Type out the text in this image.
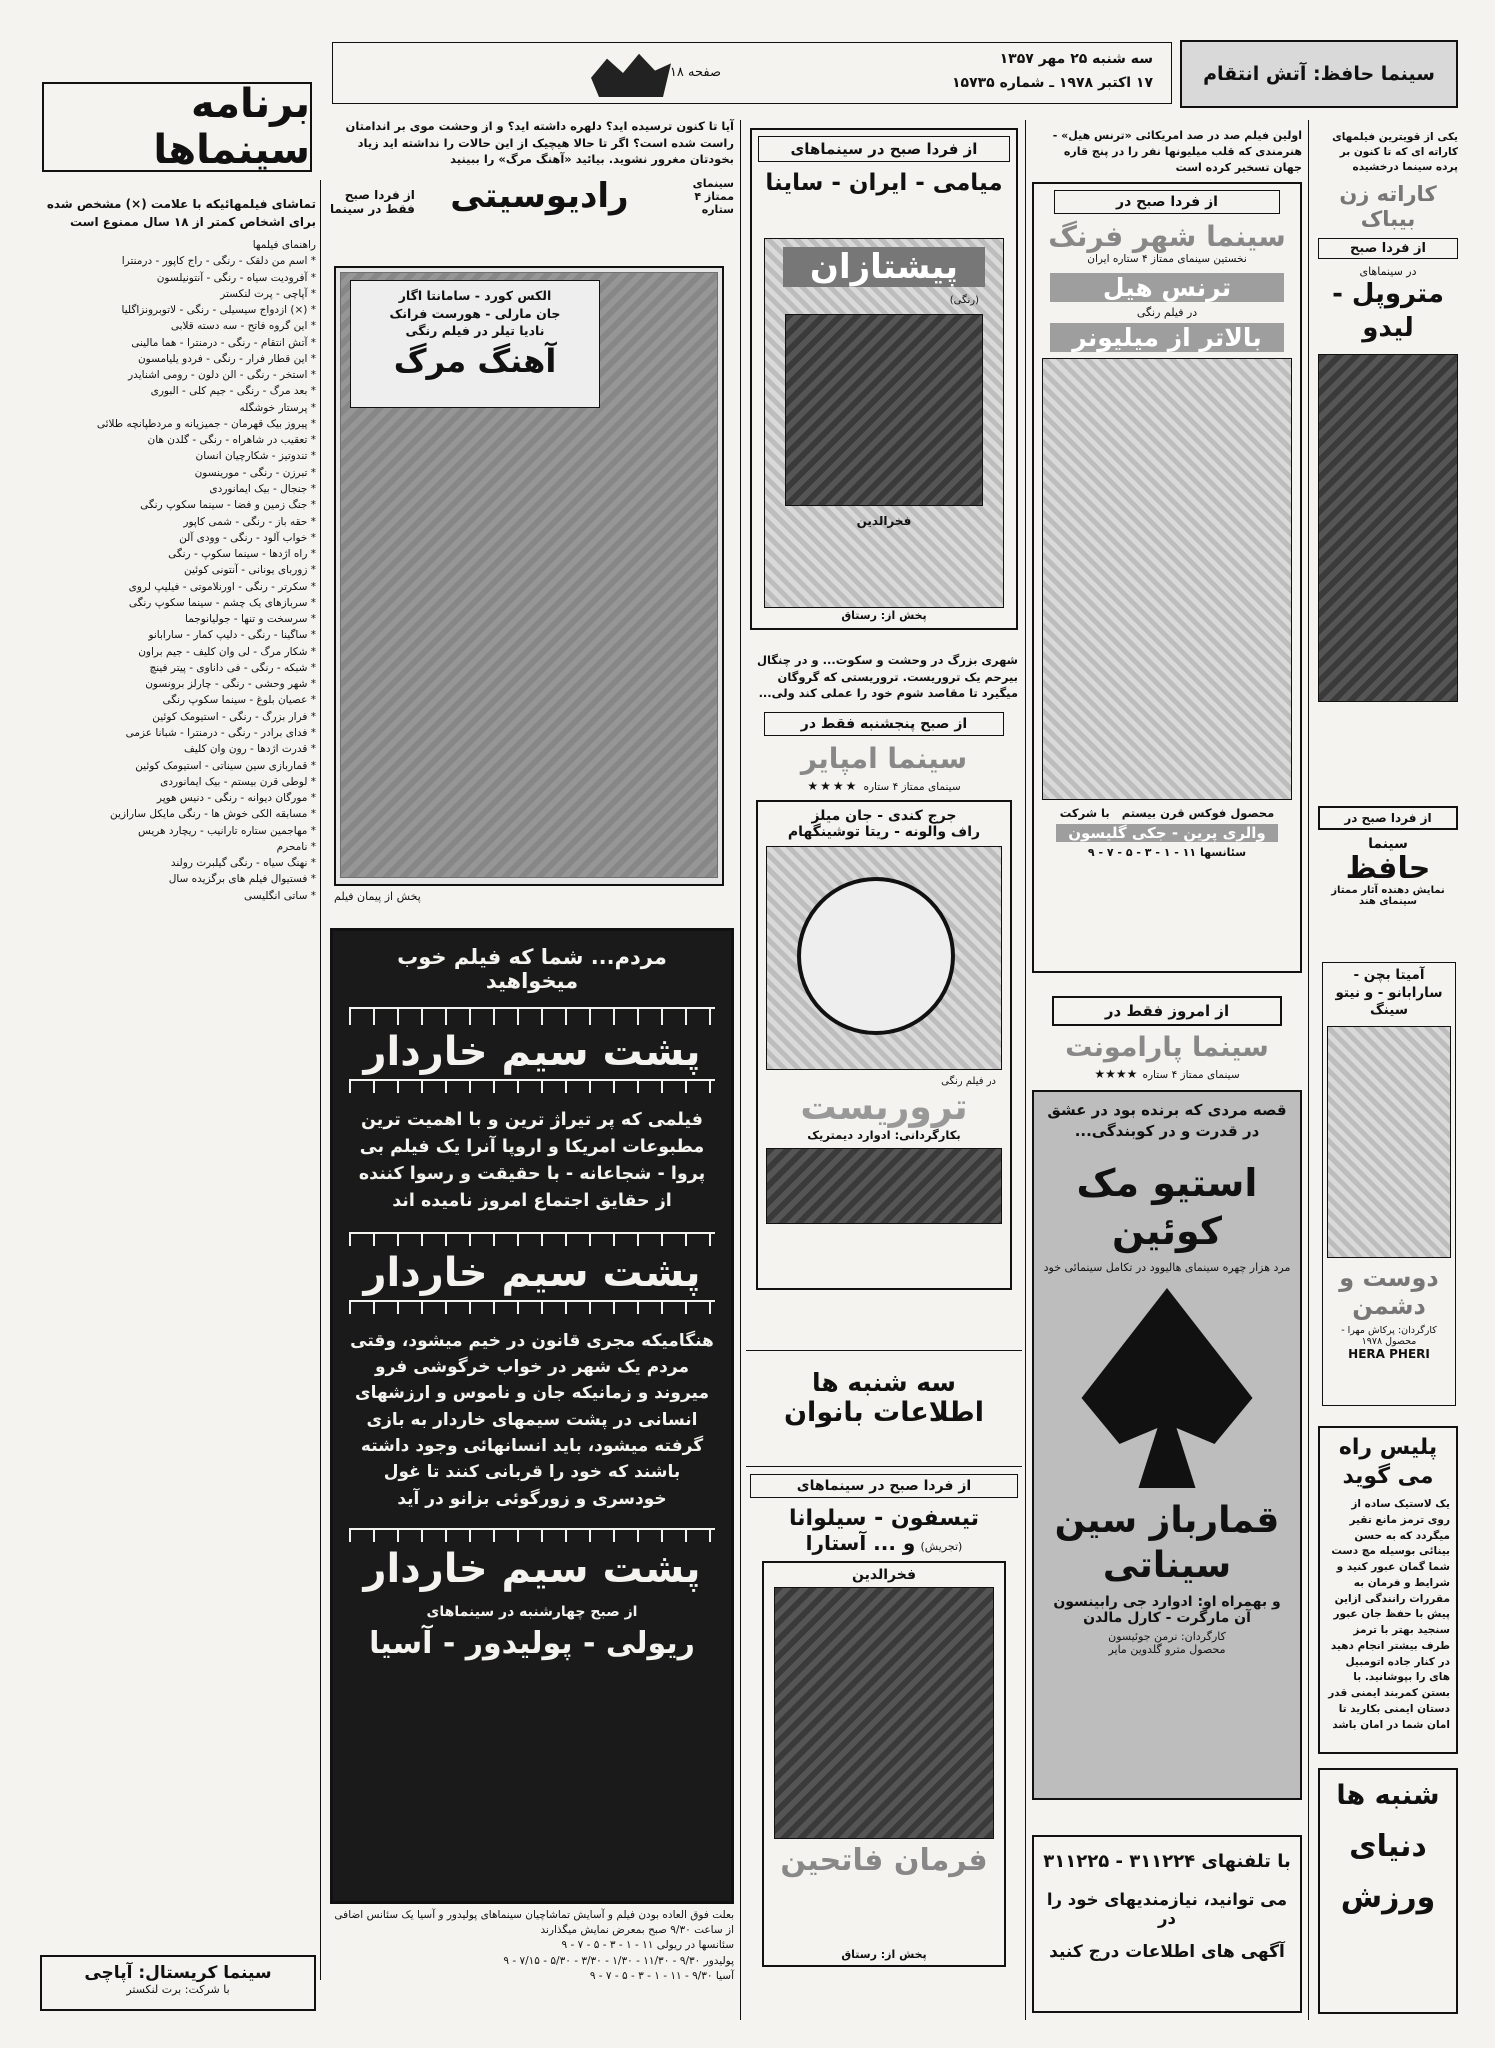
برنامه سینماها
سه شنبه ۲۵ مهر ۱۳۵۷
۱۷ اکتبر ۱۹۷۸ ـ شماره ۱۵۷۳۵
صفحه ۱۸	سینما حافظ: آتش انتقام
تماشای فیلمهائیکه با علامت (×) مشخص شده برای اشخاص کمتر از ۱۸ سال ممنوع است
راهنمای فیلمها
* اسم من دلقک - رنگی - راج کاپور - درمنترا
* آفرودیت سیاه - رنگی - آنتونیلسون
* آپاچی - پرت لنکستر
* (×) ازدواج سیسیلی - رنگی - لاتوبرونزاگلیا
* این گروه فاتح - سه دسته قلابی
* آتش انتقام - رنگی - درمنترا - هما مالینی
* این قطار فرار - رنگی - فردو یلیامسون
* استخر - رنگی - الن دلون - رومی اشنایدر
* بعد مرگ - رنگی - جیم کلی - البوری
* پرستار خوشگله
* پیروز بیک قهرمان - جمیزیانه و مردطپانچه طلائی
* تعقیب در شاهراه - رنگی - گلدن هان
* تندوتیز - شکارچیان انسان
* تبرزن - رنگی - مورینسون
* جنجال - بیک ایمانوردی
* جنگ زمین و فضا - سینما سکوپ رنگی
* حقه باز - رنگی - شمی کاپور
* خواب آلود - رنگی - وودی آلن
* راه اژدها - سینما سکوپ - رنگی
* زوربای یونانی - آنتونی کوئین
* سکرتر - رنگی - اورنلاموتی - فیلیپ لروی
* سربازهای یک چشم - سینما سکوپ رنگی
* سرسخت و تنها - جولیانوجما
* ساگینا - رنگی - دلیپ کمار - سارابانو
* شکار مرگ - لی وان کلیف - جیم براون
* شبکه - رنگی - فی داناوی - پیتر فینچ
* شهر وحشی - رنگی - چارلز برونسون
* عصیان بلوغ - سینما سکوپ رنگی
* فرار بزرگ - رنگی - استیومک کوئین
* فدای برادر - رنگی - درمنترا - شبانا عزمی
* قدرت اژدها - رون وان کلیف
* قماربازی سین سیناتی - استیومک کوئین
* لوطی قرن بیستم - بیک ایمانوردی
* مورگان دیوانه - رنگی - دنیس هوپر
* مسابقه الکی خوش ها - رنگی مایکل سارازین
* مهاجمین ستاره تارانیب - ریچارد هریس
* نامحرم
* نهنگ سیاه - رنگی گیلبرت رولند
* فستیوال فیلم های برگزیده سال
* ساتی انگلیسی
سینما کریستال: آپاچی
با شرکت: برت لنکستر
آیا تا کنون ترسیده اید؟ دلهره داشته اید؟ و از وحشت موی بر اندامتان راست شده است؟ اگر تا حالا هیچیک از این حالات را نداشته اید زیاد بخودتان مغرور نشوید. بیائید «آهنگ مرگ» را ببینید
سینمای ممتاز ۴ ستاره
رادیوسیتی
از فردا صبح
فقط در سینما
الکس کورد - سامانتا اگار
جان مارلی - هورست فرانک
نادیا تیلر در فیلم رنگی
آهنگ مرگ
پخش از پیمان فیلم
مردم... شما که فیلم خوب میخواهید
پشت سیم خاردار
فیلمی که پر تیراژ ترین و با اهمیت ترین مطبوعات امریکا و اروپا آنرا یک فیلم بی پروا - شجاعانه - با حقیقت و رسوا کننده از حقایق اجتماع امروز نامیده اند
پشت سیم خاردار
هنگامیکه مجری قانون در خیم میشود، وقتی مردم یک شهر در خواب خرگوشی فرو میروند و زمانیکه جان و ناموس و ارزشهای انسانی در پشت سیمهای خاردار به بازی گرفته میشود، باید انسانهائی وجود داشته باشند که خود را قربانی کنند تا غول خودسری و زورگوئی بزانو در آید
پشت سیم خاردار
از صبح چهارشنبه در سینماهای
ریولی - پولیدور - آسیا
بعلت فوق العاده بودن فیلم و آسایش تماشاچیان سینماهای پولیدور و آسیا یک سئانس اضافی از ساعت ۹/۳۰ صبح بمعرض نمایش میگذارند
سئانسها در ریولی ۱۱ - ۱ - ۳ - ۵ - ۷ - ۹
پولیدور ۹/۳۰ - ۱۱/۳۰ - ۱/۳۰ - ۳/۳۰ - ۵/۳۰ - ۷/۱۵ - ۹
آسیا ۹/۳۰ - ۱۱ - ۱ - ۳ - ۵ - ۷ - ۹
از فردا صبح در سینماهای
میامی - ایران - ساینا
پیشتازان
(رنگی)
فخرالدین
پخش از: رستاق
شهری بزرگ در وحشت و سکوت... و در چنگال بیرحم یک تروریست. تروریستی که گروگان میگیرد تا مقاصد شوم خود را عملی کند ولی...
از صبح پنجشنبه فقط در
سینما امپایر
سینمای ممتاز ۴ ستاره ★★★★
جرج کندی - جان میلز
راف والونه - ریتا توشینگهام
در فیلم رنگی
تروریست
بکارگردانی: ادوارد دیمتریک
سه شنبه ها
اطلاعات بانوان
از فردا صبح در سینماهای
تیسفون - سیلوانا
(تجریش) و ... آستارا
فخرالدین
فرمان فاتحین
پخش از: رستاق
اولین فیلم صد در صد امریکائی «ترنس هیل» - هنرمندی که قلب میلیونها نفر را در پنج قاره جهان تسخیر کرده است
از فردا صبح در
سینما شهر فرنگ
نخستین سینمای ممتاز ۴ ستاره ایران
ترنس هیل
در فیلم رنگی
بالاتر از میلیونر
محصول فوکس قرن بیستم با شرکت
والری پرین - جکی گلیسون
سئانسها ۱۱ - ۱ - ۳ - ۵ - ۷ - ۹
از امروز فقط در
سینما پارامونت
سینمای ممتاز ۴ ستاره ★★★★
قصه مردی که برنده بود در عشق در قدرت و در کوبندگی...
استیو مک کوئین
مرد هزار چهره سینمای هالیوود در تکامل سینمائی خود
قمارباز سین سیناتی
و بهمراه او: ادوارد جی رابینسون
آن مارگرت - کارل مالدن
کارگردان: نرمن جوئیسون
محصول مترو گلدوین مایر
با تلفنهای ۳۱۱۲۲۴ - ۳۱۱۲۲۵
می توانید، نیازمندیهای خود را در
آگهی های اطلاعات درج کنید
یکی از قویترین فیلمهای کاراته ای که تا کنون بر پرده سینما درخشیده
کاراته زن بیباک
از فردا صبح
در سینماهای
متروپل - لیدو
از فردا صبح در
سینما
حافظ
نمایش دهنده آثار ممتاز سینمای هند
آمیتا بچن - سارابانو - و نیتو سینگ
دوست و دشمن
کارگردان: پرکاش مهرا - محصول ۱۹۷۸
HERA PHERI
پلیس راه می گوید
یک لاستیک ساده از روی ترمز مانع تقیر میگردد که به حسن بینائی بوسیله مچ دست شما گمان عبور کنید و شرایط و فرمان به مقررات رانندگی ازاین پیش با حفظ جان عبور سنجید بهتر با ترمز طرف بیشتر انجام دهید در کنار جاده اتومبیل های را بپوشانید. با بستن کمربند ایمنی قدر دستان ایمنی بکارید تا امان شما در امان باشد
شنبه ها
دنیای
ورزش
